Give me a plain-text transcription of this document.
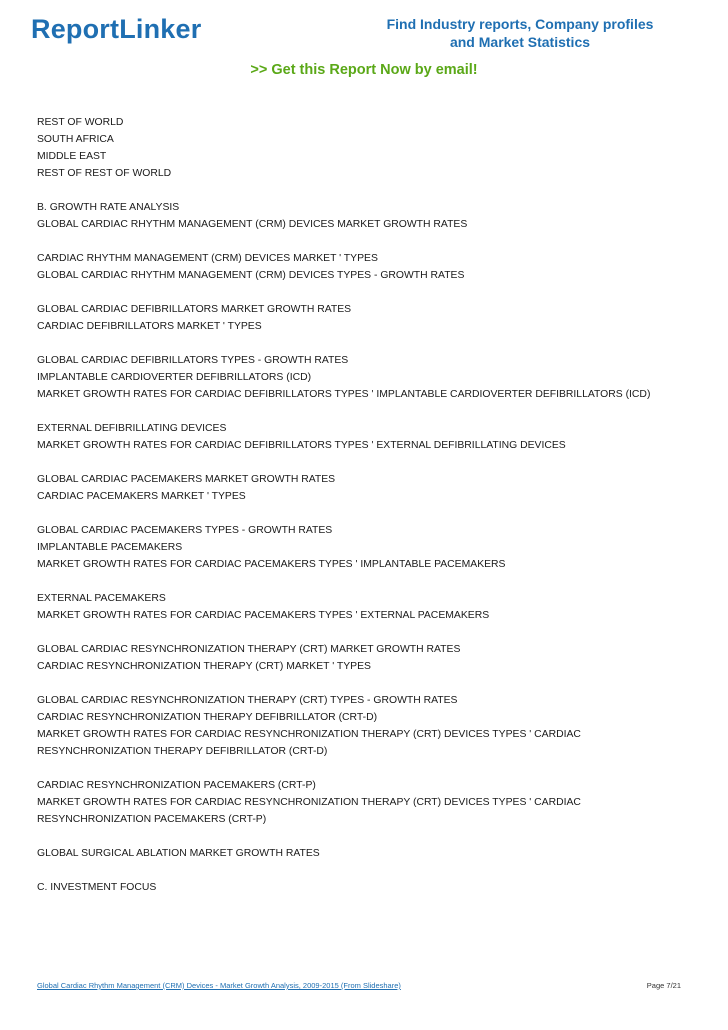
ReportLinker	Find Industry reports, Company profiles
and Market Statistics
>> Get this Report Now by email!
REST OF WORLD
SOUTH AFRICA
MIDDLE EAST
REST OF REST OF WORLD
B. GROWTH RATE ANALYSIS
GLOBAL CARDIAC RHYTHM MANAGEMENT (CRM) DEVICES MARKET GROWTH RATES
CARDIAC RHYTHM MANAGEMENT (CRM) DEVICES MARKET ' TYPES
GLOBAL CARDIAC RHYTHM MANAGEMENT (CRM) DEVICES TYPES - GROWTH RATES
GLOBAL CARDIAC DEFIBRILLATORS MARKET GROWTH RATES
CARDIAC DEFIBRILLATORS MARKET ' TYPES
GLOBAL CARDIAC DEFIBRILLATORS TYPES - GROWTH RATES
IMPLANTABLE CARDIOVERTER DEFIBRILLATORS (ICD)
MARKET GROWTH RATES FOR CARDIAC DEFIBRILLATORS TYPES ' IMPLANTABLE CARDIOVERTER DEFIBRILLATORS (ICD)
EXTERNAL DEFIBRILLATING DEVICES
MARKET GROWTH RATES FOR CARDIAC DEFIBRILLATORS TYPES ' EXTERNAL DEFIBRILLATING DEVICES
GLOBAL CARDIAC PACEMAKERS MARKET GROWTH RATES
CARDIAC PACEMAKERS MARKET ' TYPES
GLOBAL CARDIAC PACEMAKERS TYPES - GROWTH RATES
IMPLANTABLE PACEMAKERS
MARKET GROWTH RATES FOR CARDIAC PACEMAKERS TYPES ' IMPLANTABLE PACEMAKERS
EXTERNAL PACEMAKERS
MARKET GROWTH RATES FOR CARDIAC PACEMAKERS TYPES ' EXTERNAL PACEMAKERS
GLOBAL CARDIAC RESYNCHRONIZATION THERAPY (CRT) MARKET GROWTH RATES
CARDIAC RESYNCHRONIZATION THERAPY (CRT) MARKET ' TYPES
GLOBAL CARDIAC RESYNCHRONIZATION THERAPY (CRT) TYPES - GROWTH RATES
CARDIAC RESYNCHRONIZATION THERAPY DEFIBRILLATOR (CRT-D)
MARKET GROWTH RATES FOR CARDIAC RESYNCHRONIZATION THERAPY (CRT) DEVICES TYPES ' CARDIAC RESYNCHRONIZATION THERAPY DEFIBRILLATOR (CRT-D)
CARDIAC RESYNCHRONIZATION PACEMAKERS (CRT-P)
MARKET GROWTH RATES FOR CARDIAC RESYNCHRONIZATION THERAPY (CRT) DEVICES TYPES ' CARDIAC RESYNCHRONIZATION PACEMAKERS (CRT-P)
GLOBAL SURGICAL ABLATION MARKET GROWTH RATES
C. INVESTMENT FOCUS
Global Cardiac Rhythm Management (CRM) Devices - Market Growth Analysis, 2009-2015 (From Slideshare)	Page 7/21
